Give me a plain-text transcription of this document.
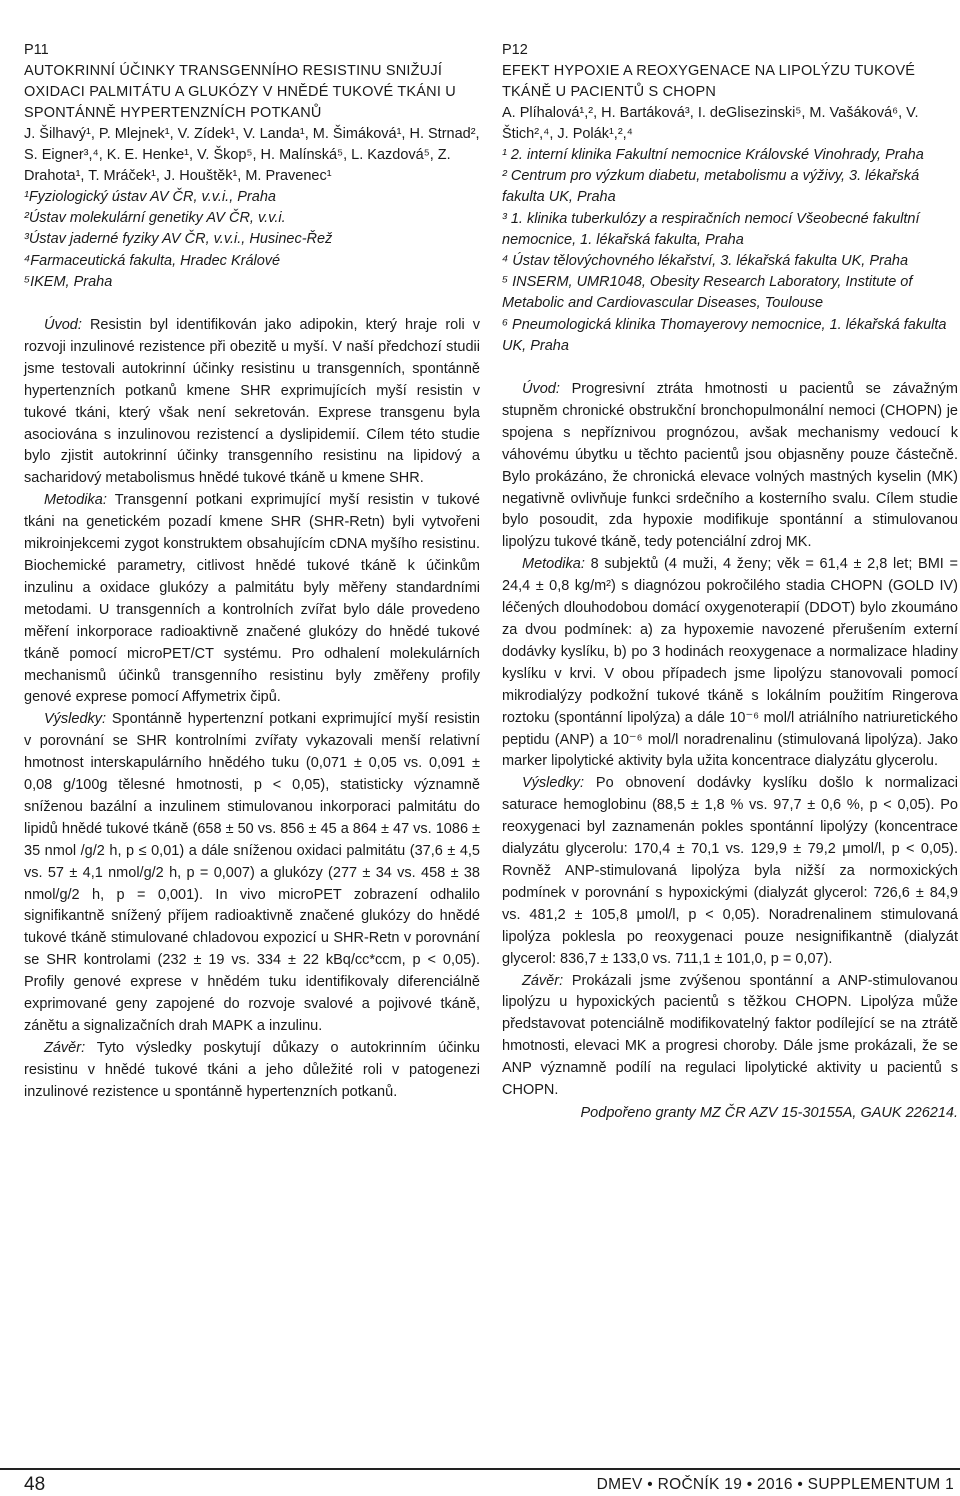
P11
AUTOKRINNÍ ÚČINKY TRANSGENNÍHO RESISTINU SNIŽUJÍ OXIDACI PALMITÁTU A GLUKÓZY V HNĚDÉ TUKOVÉ TKÁNI U SPONTÁNNĚ HYPERTENZNÍCH POTKANŮ
J. Šilhavý¹, P. Mlejnek¹, V. Zídek¹, V. Landa¹, M. Šimáková¹, H. Strnad², S. Eigner³,⁴, K. E. Henke¹, V. Škop⁵, H. Malínská⁵, L. Kazdová⁵, Z. Drahota¹, T. Mráček¹, J. Houštěk¹, M. Pravenec¹
¹Fyziologický ústav AV ČR, v.v.i., Praha
²Ústav molekulární genetiky AV ČR, v.v.i.
³Ústav jaderné fyziky AV ČR, v.v.i., Husinec-Řež
⁴Farmaceutická fakulta, Hradec Králové
⁵IKEM, Praha

Úvod: Resistin byl identifikován jako adipokin, který hraje roli v rozvoji inzulinové rezistence při obezitě u myší. V naší předchozí studii jsme testovali autokrinní účinky resistinu u transgenních, spontánně hypertenzních potkanů kmene SHR exprimujících myší resistin v tukové tkáni, který však není sekretován. Exprese transgenu byla asociována s inzulinovou rezistencí a dyslipidemií. Cílem této studie bylo zjistit autokrinní účinky transgenního resistinu na lipidový a sacharidový metabolismus hnědé tukové tkáně u kmene SHR.

Metodika: Transgenní potkani exprimující myší resistin v tukové tkáni na genetickém pozadí kmene SHR (SHR-Retn) byli vytvořeni mikroinjekcemi zygot konstruktem obsahujícím cDNA myšího resistinu. Biochemické parametry, citlivost hnědé tukové tkáně k účinkům inzulinu a oxidace glukózy a palmitátu byly měřeny standardními metodami. U transgenních a kontrolních zvířat bylo dále provedeno měření inkorporace radioaktivně značené glukózy do hnědé tukové tkáně pomocí microPET/CT systému. Pro odhalení molekulárních mechanismů účinků transgenního resistinu byly změřeny profily genové exprese pomocí Affymetrix čipů.

Výsledky: Spontánně hypertenzní potkani exprimující myší resistin v porovnání se SHR kontrolními zvířaty vykazovali menší relativní hmotnost interskapulárního hnědého tuku (0,071 ± 0,05 vs. 0,091 ± 0,08 g/100g tělesné hmotnosti, p < 0,05), statisticky významně sníženou bazální a inzulinem stimulovanou inkorporaci palmitátu do lipidů hnědé tukové tkáně (658 ± 50 vs. 856 ± 45 a 864 ± 47 vs. 1086 ± 35 nmol /g/2 h, p ≤ 0,01) a dále sníženou oxidaci palmitátu (37,6 ± 4,5 vs. 57 ± 4,1 nmol/g/2 h, p = 0,007) a glukózy (277 ± 34 vs. 458 ± 38 nmol/g/2 h, p = 0,001). In vivo microPET zobrazení odhalilo signifikantně snížený příjem radioaktivně značené glukózy do hnědé tukové tkáně stimulované chladovou expozicí u SHR-Retn v porovnání se SHR kontrolami (232 ± 19 vs. 334 ± 22 kBq/cc*ccm, p < 0,05). Profily genové exprese v hnědém tuku identifikovaly diferenciálně exprimované geny zapojené do rozvoje svalové a pojivové tkáně, zánětu a signalizačních drah MAPK a inzulinu.

Závěr: Tyto výsledky poskytují důkazy o autokrinním účinku resistinu v hnědé tukové tkáni a jeho důležité roli v patogenezi inzulinové rezistence u spontánně hypertenzních potkanů.

P12
EFEKT HYPOXIE A REOXYGENACE NA LIPOLÝZU TUKOVÉ TKÁNĚ U PACIENTŮ S CHOPN
A. Plíhalová¹,², H. Bartáková³, I. deGlisezinski⁵, M. Vašáková⁶, V. Štich²,⁴, J. Polák¹,²,⁴
¹ 2. interní klinika Fakultní nemocnice Královské Vinohrady, Praha
² Centrum pro výzkum diabetu, metabolismu a výživy, 3. lékařská fakulta UK, Praha
³ 1. klinika tuberkulózy a respiračních nemocí Všeobecné fakultní nemocnice, 1. lékařská fakulta, Praha
⁴ Ústav tělovýchovného lékařství, 3. lékařská fakulta UK, Praha
⁵ INSERM, UMR1048, Obesity Research Laboratory, Institute of Metabolic and Cardiovascular Diseases, Toulouse
⁶ Pneumologická klinika Thomayerovy nemocnice, 1. lékařská fakulta UK, Praha

Úvod: Progresivní ztráta hmotnosti u pacientů se závažným stupněm chronické obstrukční bronchopulmonální nemoci (CHOPN) je spojena s nepříznivou prognózou, avšak mechanismy vedoucí k váhovému úbytku u těchto pacientů jsou objasněny pouze částečně. Bylo prokázáno, že chronická elevace volných mastných kyselin (MK) negativně ovlivňuje funkci srdečního a kosterního svalu. Cílem studie bylo posoudit, zda hypoxie modifikuje spontánní a stimulovanou lipolýzu tukové tkáně, tedy potenciální zdroj MK.

Metodika: 8 subjektů (4 muži, 4 ženy; věk = 61,4 ± 2,8 let; BMI = 24,4 ± 0,8 kg/m²) s diagnózou pokročilého stadia CHOPN (GOLD IV) léčených dlouhodobou domácí oxygenoterapií (DDOT) bylo zkoumáno za dvou podmínek: a) za hypoxemie navozené přerušením externí dodávky kyslíku, b) po 3 hodinách reoxygenace a normalizace hladiny kyslíku v krvi. V obou případech jsme lipolýzu stanovovali pomocí mikrodialýzy podkožní tukové tkáně s lokálním použitím Ringerova roztoku (spontánní lipolýza) a dále 10⁻⁶ mol/l atriálního natriuretického peptidu (ANP) a 10⁻⁶ mol/l noradrenalinu (stimulovaná lipolýza). Jako marker lipolytické aktivity byla užita koncentrace dialyzátu glycerolu.

Výsledky: Po obnovení dodávky kyslíku došlo k normalizaci saturace hemoglobinu (88,5 ± 1,8 % vs. 97,7 ± 0,6 %, p < 0,05). Po reoxygenaci byl zaznamenán pokles spontánní lipolýzy (koncentrace dialyzátu glycerolu: 170,4 ± 70,1 vs. 129,9 ± 79,2 μmol/l, p < 0,05). Rovněž ANP-stimulovaná lipolýza byla nižší za normoxických podmínek v porovnání s hypoxickými (dialyzát glycerol: 726,6 ± 84,9 vs. 481,2 ± 105,8 μmol/l, p < 0,05). Noradrenalinem stimulovaná lipolýza poklesla po reoxygenaci pouze nesignifikantně (dialyzát glycerol: 836,7 ± 133,0 vs. 711,1 ± 101,0, p = 0,07).

Závěr: Prokázali jsme zvýšenou spontánní a ANP-stimulovanou lipolýzu u hypoxických pacientů s těžkou CHOPN. Lipolýza může představovat potenciálně modifikovatelný faktor podílející se na ztrátě hmotnosti, elevaci MK a progresi choroby. Dále jsme prokázali, že se ANP významně podílí na regulaci lipolytické aktivity u pacientů s CHOPN.

Podpořeno granty MZ ČR AZV 15-30155A, GAUK 226214.
48	DMEV • ROČNÍK 19 • 2016 • SUPPLEMENTUM 1
